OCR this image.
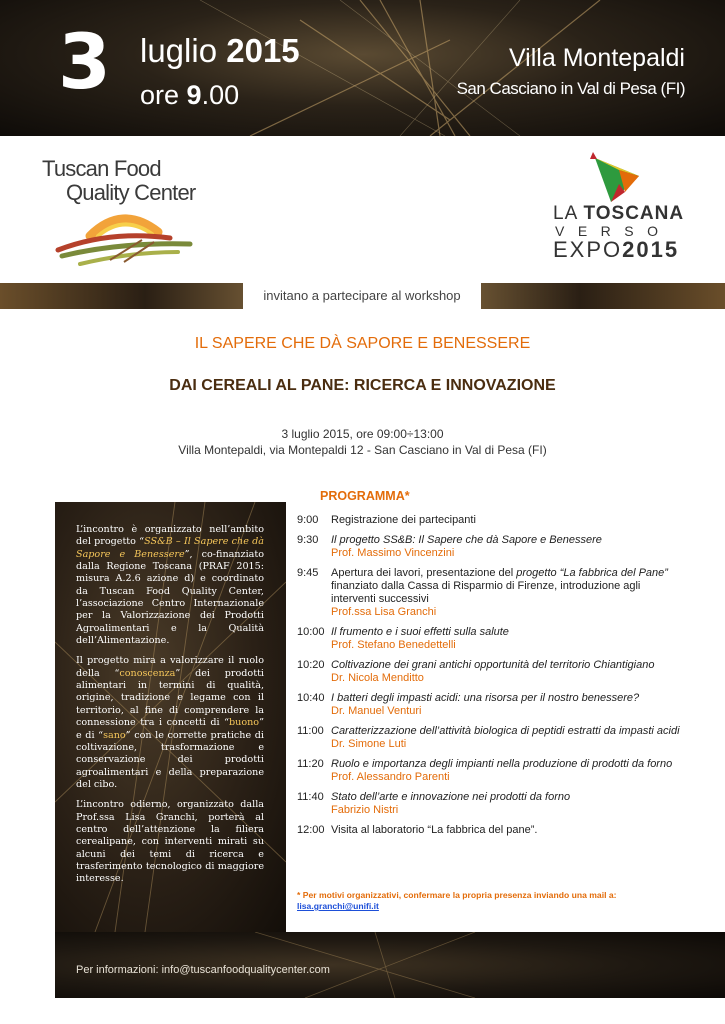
3 luglio 2015
ore 9.00
Villa Montepaldi
San Casciano in Val di Pesa (FI)
Tuscan Food
Quality Center
LA TOSCANA
VERSO
EXPO2015
invitano a partecipare al workshop
IL SAPERE CHE DÀ SAPORE E BENESSERE
DAI CEREALI AL PANE: RICERCA E INNOVAZIONE
3 luglio 2015, ore 09:00÷13:00
Villa Montepaldi, via Montepaldi 12 - San Casciano in Val di Pesa (FI)

L’incontro è organizzato nell’ambito del progetto “SS&B – Il Sapere che dà Sapore e Benessere”, co-finanziato dalla Regione Toscana (PRAF 2015: misura A.2.6 azione d) e coordinato da Tuscan Food Quality Center, l’associazione Centro Internazionale per la Valorizzazione dei Prodotti Agroalimentari e la Qualità dell’Alimentazione.

Il progetto mira a valorizzare il ruolo della “conoscenza” dei prodotti alimentari in termini di qualità, origine, tradizione e legame con il territorio, al fine di comprendere la connessione tra i concetti di “buono” e di “sano” con le corrette pratiche di coltivazione, trasformazione e conservazione dei prodotti agroalimentari e della preparazione del cibo.

L’incontro odierno, organizzato dalla Prof.ssa Lisa Granchi, porterà al centro dell’attenzione la filiera cerealipane, con interventi mirati su alcuni dei temi di ricerca e trasferimento tecnologico di maggiore interesse.

PROGRAMMA*
9:00	Registrazione dei partecipanti
9:30	Il progetto SS&B: Il Sapere che dà Sapore e Benessere
Prof. Massimo Vincenzini
9:45	Apertura dei lavori, presentazione del progetto “La fabbrica del Pane” finanziato dalla Cassa di Risparmio di Firenze, introduzione agli interventi successivi
Prof.ssa Lisa Granchi
10:00 Il frumento e i suoi effetti sulla salute
Prof. Stefano Benedettelli
10:20 Coltivazione dei grani antichi opportunità del territorio Chiantigiano
Dr. Nicola Menditto
10:40 I batteri degli impasti acidi: una risorsa per il nostro benessere?
Dr. Manuel Venturi
11:00 Caratterizzazione dell’attività biologica di peptidi estratti da impasti acidi
Dr. Simone Luti
11:20 Ruolo e importanza degli impianti nella produzione di prodotti da forno
Prof. Alessandro Parenti
11:40 Stato dell’arte e innovazione nei prodotti da forno
Fabrizio Nistri
12:00 Visita al laboratorio “La fabbrica del pane”.
* Per motivi organizzativi, confermare la propria presenza inviando una mail a:
lisa.granchi@unifi.it
Per informazioni: info@tuscanfoodqualitycenter.com
